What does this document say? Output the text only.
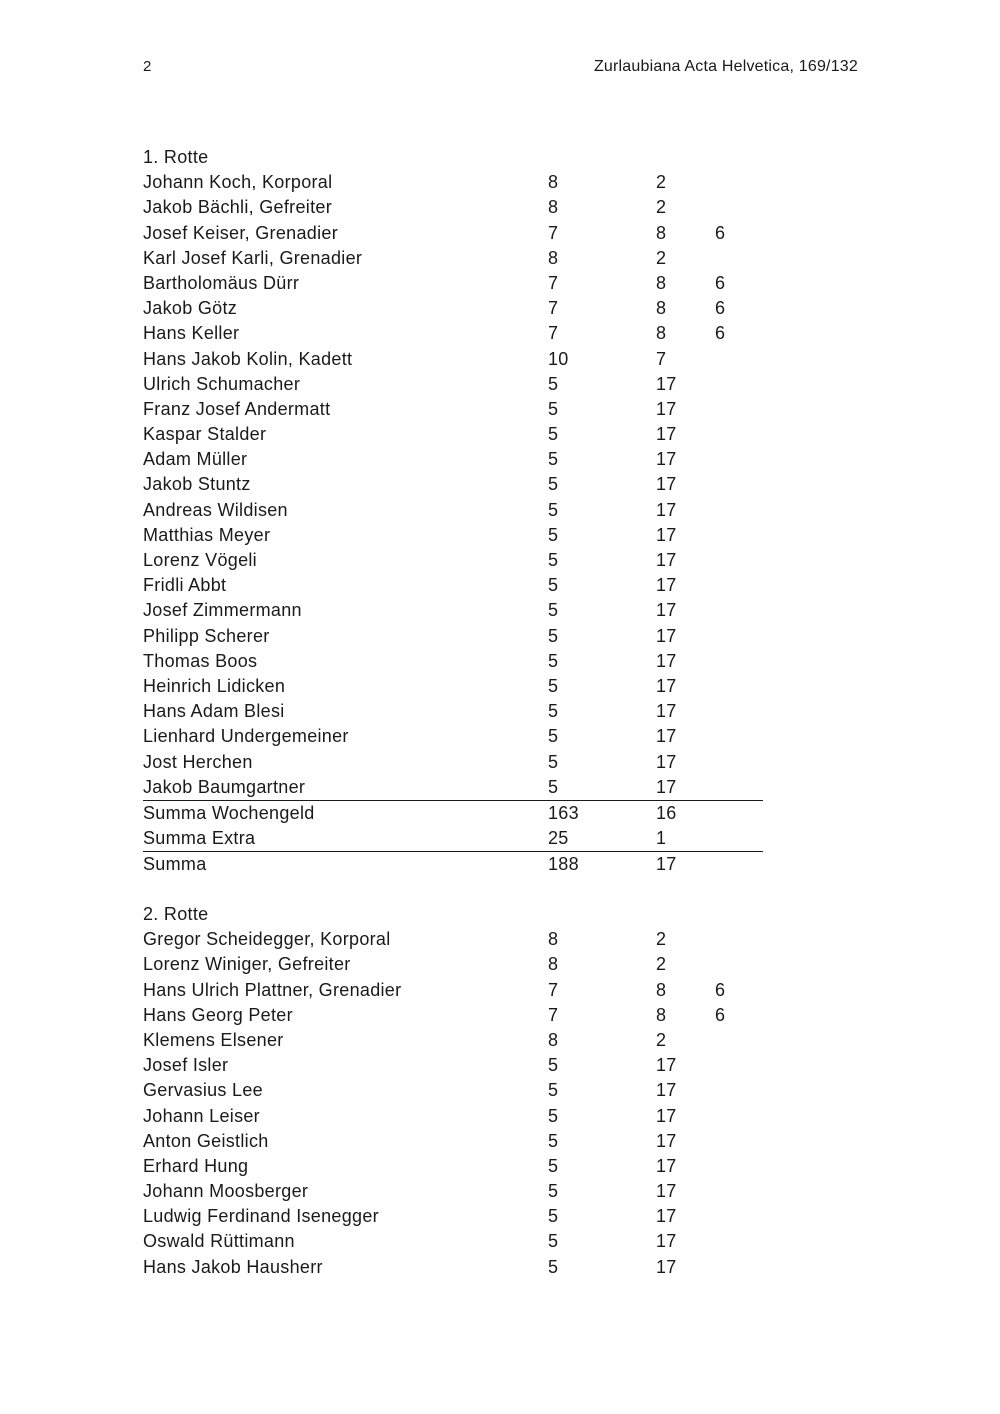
2	Zurlaubiana Acta Helvetica, 169/132
1. Rotte
Johann Koch, Korporal	8	2
Jakob Bächli, Gefreiter	8	2
Josef Keiser, Grenadier	7	8	6
Karl Josef Karli, Grenadier	8	2
Bartholomäus Dürr	7	8	6
Jakob Götz	7	8	6
Hans Keller	7	8	6
Hans Jakob Kolin, Kadett	10	7
Ulrich Schumacher	5	17
Franz Josef Andermatt	5	17
Kaspar Stalder	5	17
Adam Müller	5	17
Jakob Stuntz	5	17
Andreas Wildisen	5	17
Matthias Meyer	5	17
Lorenz Vögeli	5	17
Fridli Abbt	5	17
Josef Zimmermann	5	17
Philipp Scherer	5	17
Thomas Boos	5	17
Heinrich Lidicken	5	17
Hans Adam Blesi	5	17
Lienhard Undergemeiner	5	17
Jost Herchen	5	17
Jakob Baumgartner	5	17
Summa Wochengeld	163	16
Summa Extra	25	1
Summa	188	17
2. Rotte
Gregor Scheidegger, Korporal	8	2
Lorenz Winiger, Gefreiter	8	2
Hans Ulrich Plattner, Grenadier	7	8	6
Hans Georg Peter	7	8	6
Klemens Elsener	8	2
Josef Isler	5	17
Gervasius Lee	5	17
Johann Leiser	5	17
Anton Geistlich	5	17
Erhard Hung	5	17
Johann Moosberger	5	17
Ludwig Ferdinand Isenegger	5	17
Oswald Rüttimann	5	17
Hans Jakob Hausherr	5	17
